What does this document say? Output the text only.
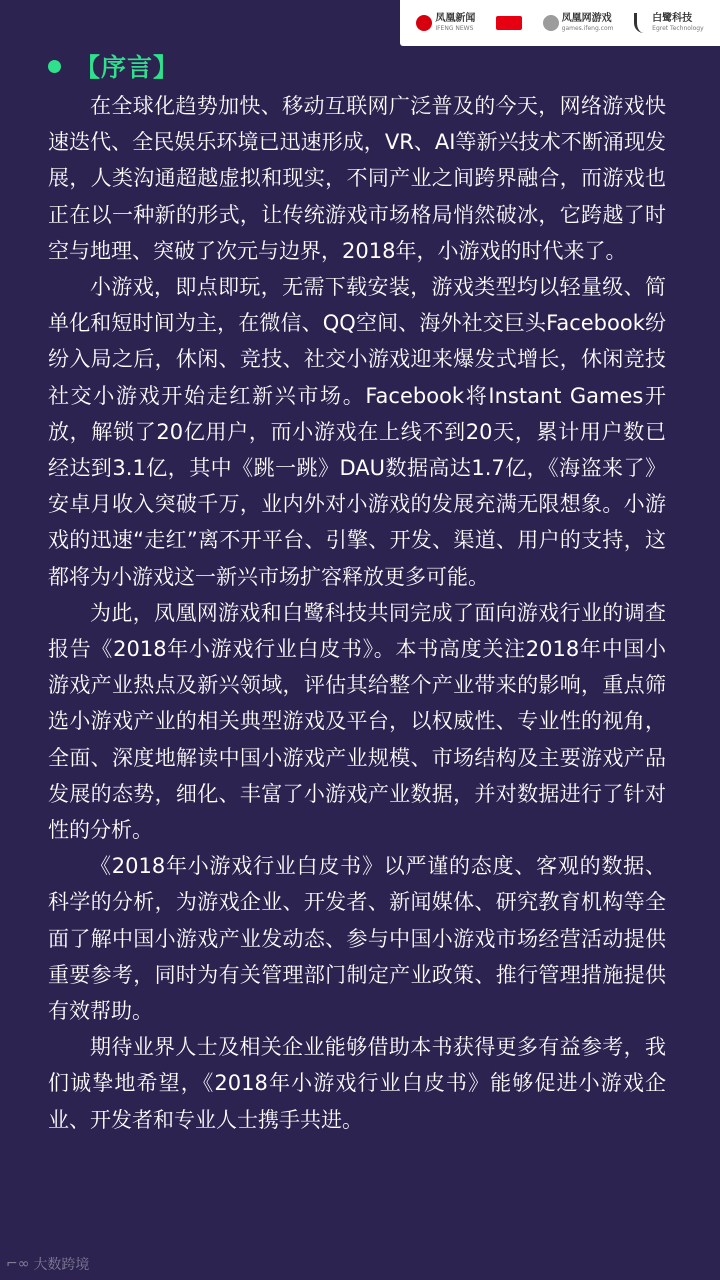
凤凰新闻
IFENG NEWS
凤凰网游戏
games.ifeng.com
白鹭科技
Egret Technology
【序言】

在全球化趋势加快、移动互联网广泛普及的今天，网络游戏快速迭代、全民娱乐环境已迅速形成，VR、AI等新兴技术不断涌现发展，人类沟通超越虚拟和现实，不同产业之间跨界融合，而游戏也正在以一种新的形式，让传统游戏市场格局悄然破冰，它跨越了时空与地理、突破了次元与边界，2018年，小游戏的时代来了。

小游戏，即点即玩，无需下载安装，游戏类型均以轻量级、简单化和短时间为主，在微信、QQ空间、海外社交巨头Facebook纷纷入局之后，休闲、竞技、社交小游戏迎来爆发式增长，休闲竞技社交小游戏开始走红新兴市场。Facebook将Instant Games开放，解锁了20亿用户，而小游戏在上线不到20天，累计用户数已经达到3.1亿，其中《跳一跳》DAU数据高达1.7亿，《海盗来了》安卓月收入突破千万，业内外对小游戏的发展充满无限想象。小游戏的迅速“走红”离不开平台、引擎、开发、渠道、用户的支持，这都将为小游戏这一新兴市场扩容释放更多可能。

为此，凤凰网游戏和白鹭科技共同完成了面向游戏行业的调查报告《2018年小游戏行业白皮书》。本书高度关注2018年中国小游戏产业热点及新兴领域，评估其给整个产业带来的影响，重点筛选小游戏产业的相关典型游戏及平台，以权威性、专业性的视角，全面、深度地解读中国小游戏产业规模、市场结构及主要游戏产品发展的态势，细化、丰富了小游戏产业数据，并对数据进行了针对性的分析。

《2018年小游戏行业白皮书》以严谨的态度、客观的数据、科学的分析，为游戏企业、开发者、新闻媒体、研究教育机构等全面了解中国小游戏产业发动态、参与中国小游戏市场经营活动提供重要参考，同时为有关管理部门制定产业政策、推行管理措施提供有效帮助。

期待业界人士及相关企业能够借助本书获得更多有益参考，我们诚挚地希望，《2018年小游戏行业白皮书》能够促进小游戏企业、开发者和专业人士携手共进。

⌐∞ 大数跨境
